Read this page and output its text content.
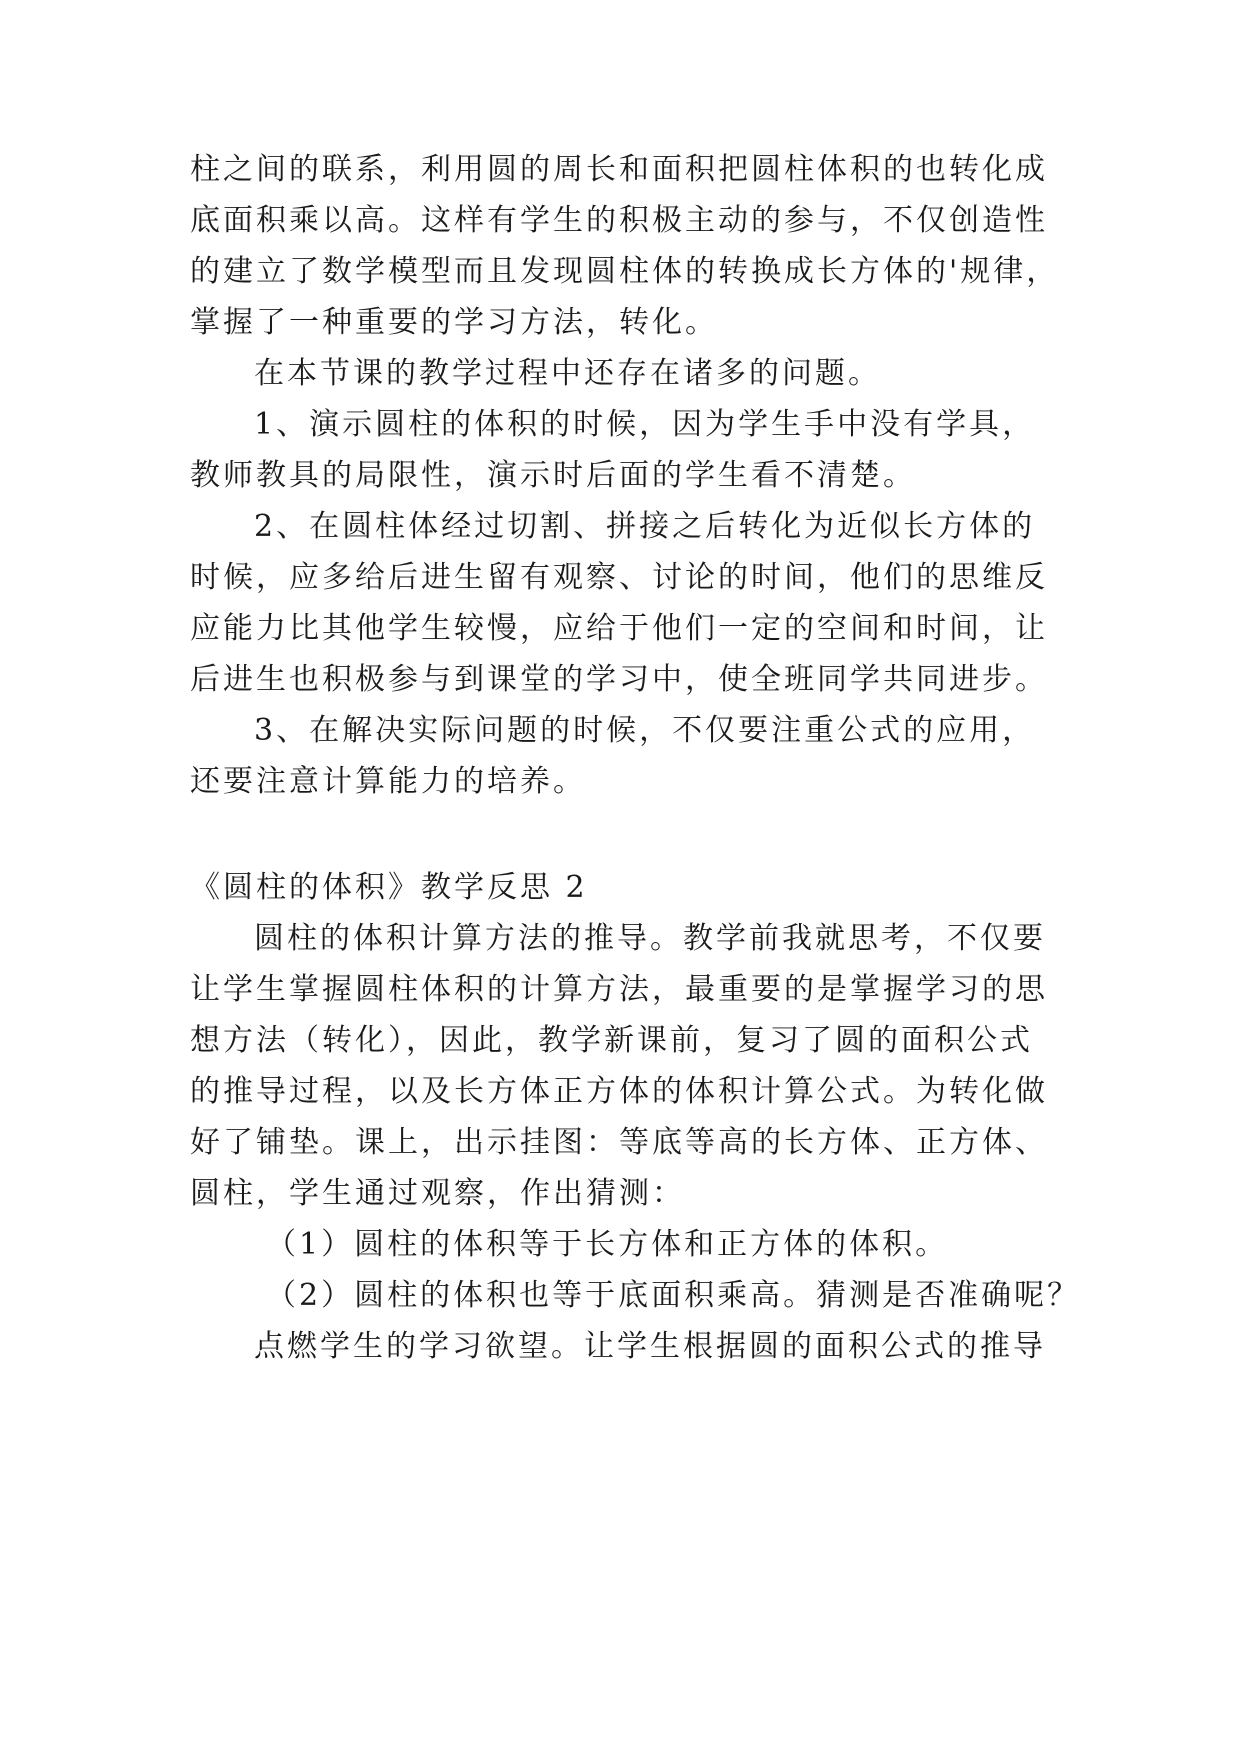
柱之间的联系，利用圆的周长和面积把圆柱体积的也转化成
底面积乘以高。这样有学生的积极主动的参与，不仅创造性
的建立了数学模型而且发现圆柱体的转换成长方体的'规律，
掌握了一种重要的学习方法，转化。
在本节课的教学过程中还存在诸多的问题。
1、演示圆柱的体积的时候，因为学生手中没有学具，
教师教具的局限性，演示时后面的学生看不清楚。
2、在圆柱体经过切割、拼接之后转化为近似长方体的
时候，应多给后进生留有观察、讨论的时间，他们的思维反
应能力比其他学生较慢，应给于他们一定的空间和时间，让
后进生也积极参与到课堂的学习中，使全班同学共同进步。
3、在解决实际问题的时候，不仅要注重公式的应用，
还要注意计算能力的培养。
《圆柱的体积》教学反思 2
圆柱的体积计算方法的推导。教学前我就思考，不仅要
让学生掌握圆柱体积的计算方法，最重要的是掌握学习的思
想方法（转化），因此，教学新课前，复习了圆的面积公式
的推导过程，以及长方体正方体的体积计算公式。为转化做
好了铺垫。课上，出示挂图：等底等高的长方体、正方体、
圆柱，学生通过观察，作出猜测：
（1）圆柱的体积等于长方体和正方体的体积。
（2）圆柱的体积也等于底面积乘高。猜测是否准确呢？
点燃学生的学习欲望。让学生根据圆的面积公式的推导
